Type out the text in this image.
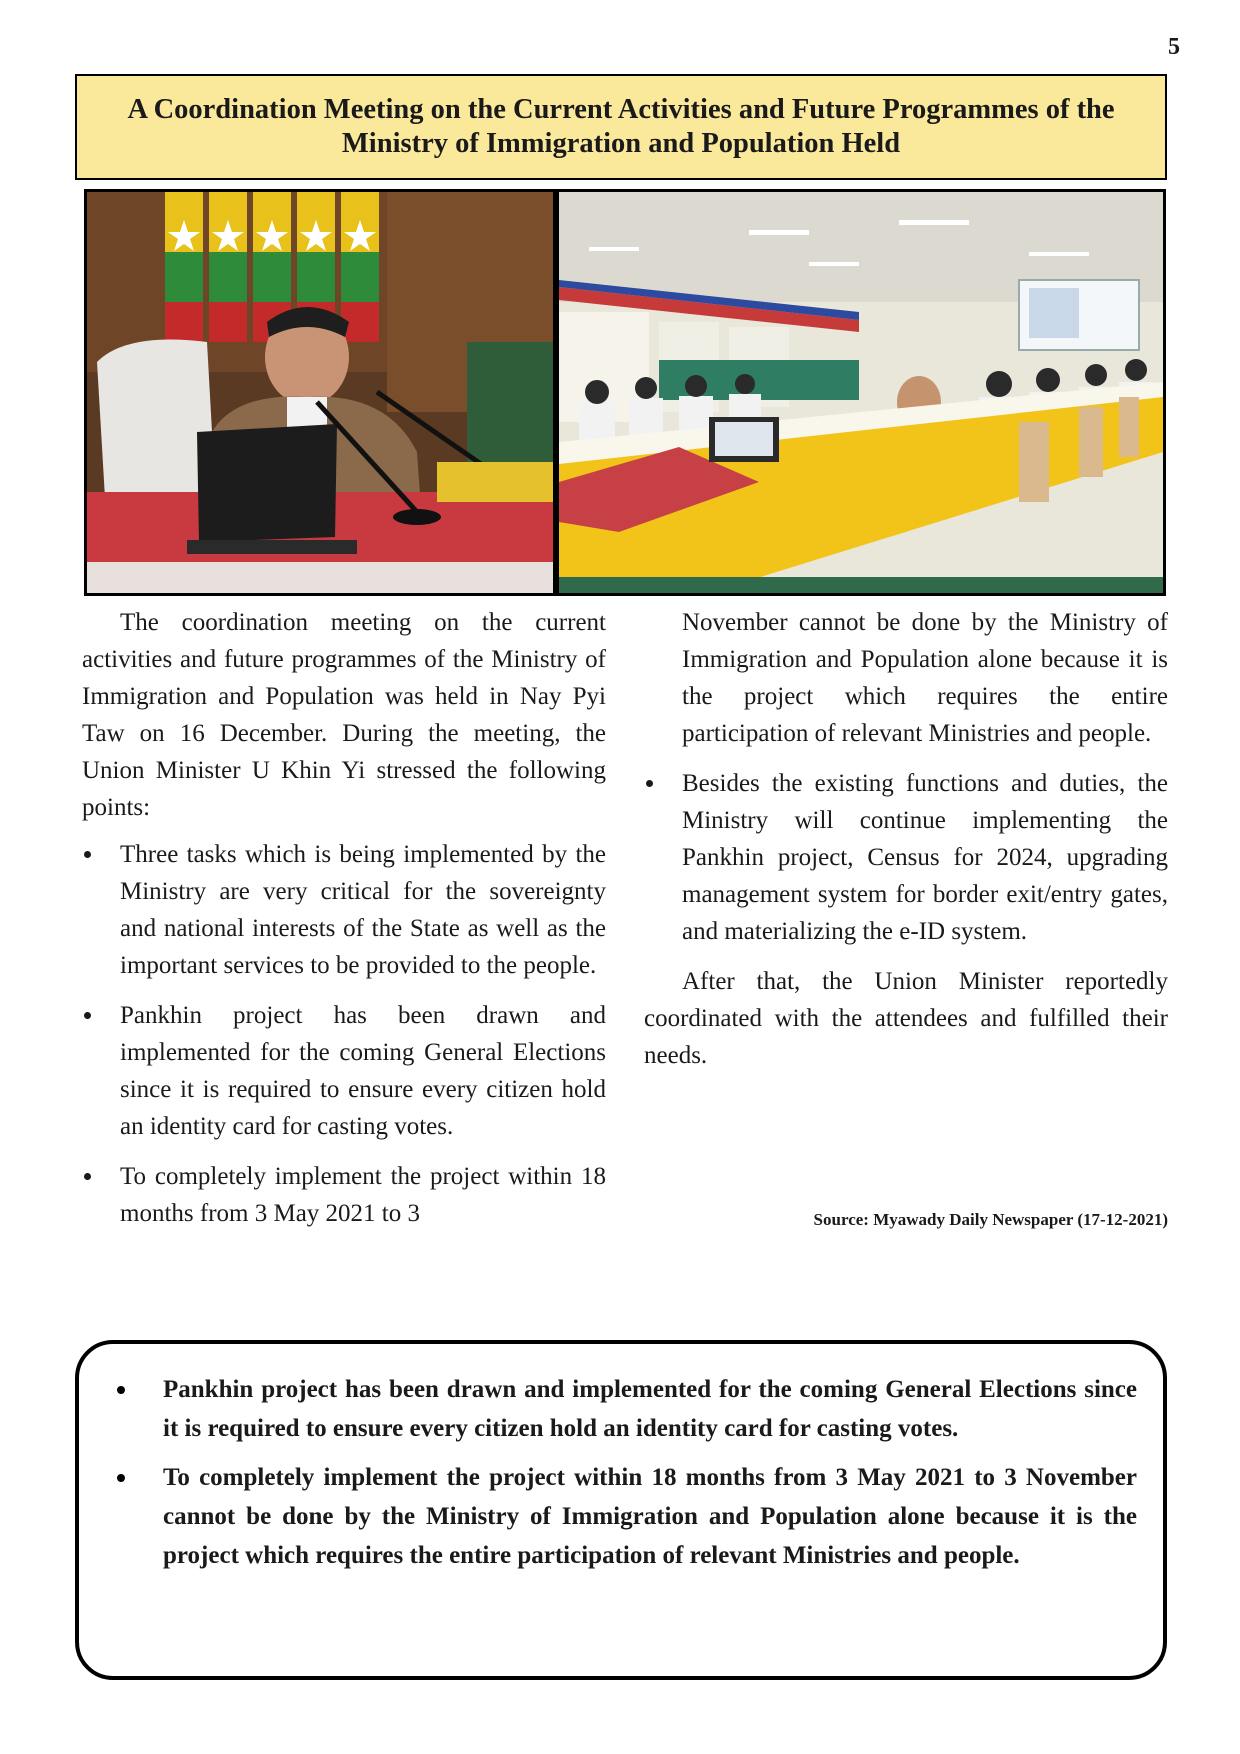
5
A Coordination Meeting on the Current Activities and Future Programmes of the Ministry of Immigration and Population Held

The coordination meeting on the current activities and future programmes of the Ministry of Immigration and Population was held in Nay Pyi Taw on 16 December. During the meeting, the Union Minister U Khin Yi stressed the following points:

Three tasks which is being implemented by the Ministry are very critical for the sovereignty and national interests of the State as well as the important services to be provided to the people.
Pankhin project has been drawn and implemented for the coming General Elections since it is required to ensure every citizen hold an identity card for casting votes.
To completely implement the project within 18 months from 3 May 2021 to 3

November cannot be done by the Ministry of Immigration and Population alone because it is the project which requires the entire participation of relevant Ministries and people.

Besides the existing functions and duties, the Ministry will continue implementing the Pankhin project, Census for 2024, upgrading management system for border exit/entry gates, and materializing the e-ID system.

After that, the Union Minister reportedly coordinated with the attendees and fulfilled their needs.

Source: Myawady Daily Newspaper (17-12-2021)
Pankhin project has been drawn and implemented for the coming General Elections since it is required to ensure every citizen hold an identity card for casting votes.
To completely implement the project within 18 months from 3 May 2021 to 3 November cannot be done by the Ministry of Immigration and Population alone because it is the project which requires the entire participation of relevant Ministries and people.
